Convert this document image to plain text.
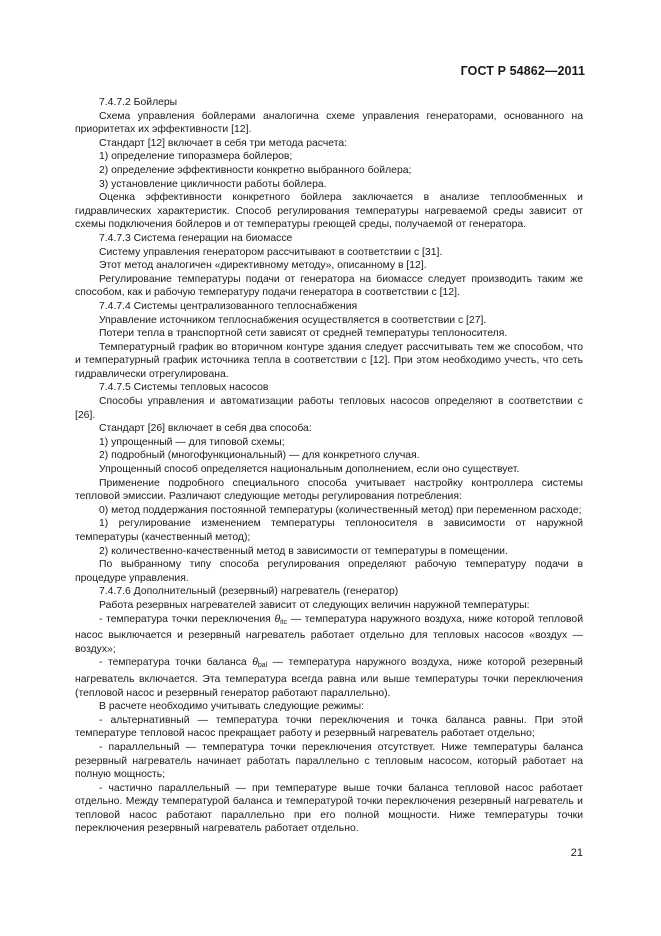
ГОСТ Р 54862—2011

7.4.7.2 Бойлеры

Схема управления бойлерами аналогична схеме управления генераторами, основанного на приоритетах их эффективности [12].

Стандарт [12] включает в себя три метода расчета:

1) определение типоразмера бойлеров;

2) определение эффективности конкретно выбранного бойлера;

3) установление цикличности работы бойлера.

Оценка эффективности конкретного бойлера заключается в анализе теплообменных и гидравлических характеристик. Способ регулирования температуры нагреваемой среды зависит от схемы подключения бойлеров и от температуры греющей среды, получаемой от генератора.

7.4.7.3 Система генерации на биомассе

Систему управления генератором рассчитывают в соответствии с [31].

Этот метод аналогичен «директивному методу», описанному в [12].

Регулирование температуры подачи от генератора на биомассе следует производить таким же способом, как и рабочую температуру подачи генератора в соответствии с [12].

7.4.7.4 Системы централизованного теплоснабжения

Управление источником теплоснабжения осуществляется в соответствии с [27].

Потери тепла в транспортной сети зависят от средней температуры теплоносителя.

Температурный график во вторичном контуре здания следует рассчитывать тем же способом, что и температурный график источника тепла в соответствии с [12]. При этом необходимо учесть, что сеть гидравлически отрегулирована.

7.4.7.5 Системы тепловых насосов

Способы управления и автоматизации работы тепловых насосов определяют в соответствии с [26].

Стандарт [26] включает в себя два способа:

1) упрощенный — для типовой схемы;

2) подробный (многофункциональный) — для конкретного случая.

Упрощенный способ определяется национальным дополнением, если оно существует.

Применение подробного специального способа учитывает настройку контроллера системы тепловой эмиссии. Различают следующие методы регулирования потребления:

0) метод поддержания постоянной температуры (количественный метод) при переменном расходе;

1) регулирование изменением температуры теплоносителя в зависимости от наружной температуры (качественный метод);

2) количественно-качественный метод в зависимости от температуры в помещении.

По выбранному типу способа регулирования определяют рабочую температуру подачи в процедуре управления.

7.4.7.6 Дополнительный (резервный) нагреватель (генератор)

Работа резервных нагревателей зависит от следующих величин наружной температуры:

- температура точки переключения $\theta_{itc}$ — температура наружного воздуха, ниже которой тепловой насос выключается и резервный нагреватель работает отдельно для тепловых насосов «воздух — воздух»;

- температура точки баланса $\theta_{bal}$ — температура наружного воздуха, ниже которой резервный нагреватель включается. Эта температура всегда равна или выше температуры точки переключения (тепловой насос и резервный генератор работают параллельно).

В расчете необходимо учитывать следующие режимы:

- альтернативный — температура точки переключения и точка баланса равны. При этой температуре тепловой насос прекращает работу и резервный нагреватель работает отдельно;

- параллельный — температура точки переключения отсутствует. Ниже температуры баланса резервный нагреватель начинает работать параллельно с тепловым насосом, который работает на полную мощность;

- частично параллельный — при температуре выше точки баланса тепловой насос работает отдельно. Между температурой баланса и температурой точки переключения резервный нагреватель и тепловой насос работают параллельно при его полной мощности. Ниже температуры точки переключения резервный нагреватель работает отдельно.

21
